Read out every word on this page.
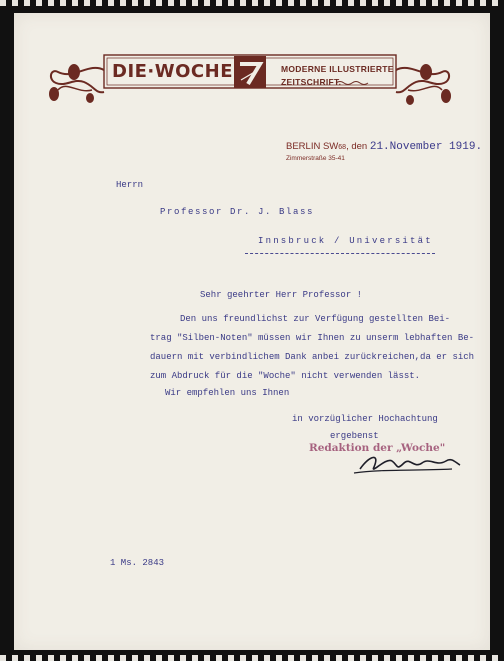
DIE·WOCHE	MODERNE ILLUSTRIERTE
ZEITSCHRIFT.
BERLIN SW68, den 21.November 1919.
Zimmerstraße 35-41
Herrn
Professor Dr. J. Blass
Innsbruck / Universität
Sehr geehrter Herr Professor !
Den uns freundlichst zur Verfügung gestellten Bei-
trag "Silben-Noten" müssen wir Ihnen zu unserm lebhaften Be-
dauern mit verbindlichem Dank anbei zurückreichen,da er sich
zum Abdruck für die "Woche" nicht verwenden lässt.
Wir empfehlen uns Ihnen
in vorzüglicher Hochachtung
ergebenst
Redaktion der „Woche"
1 Ms. 2843
